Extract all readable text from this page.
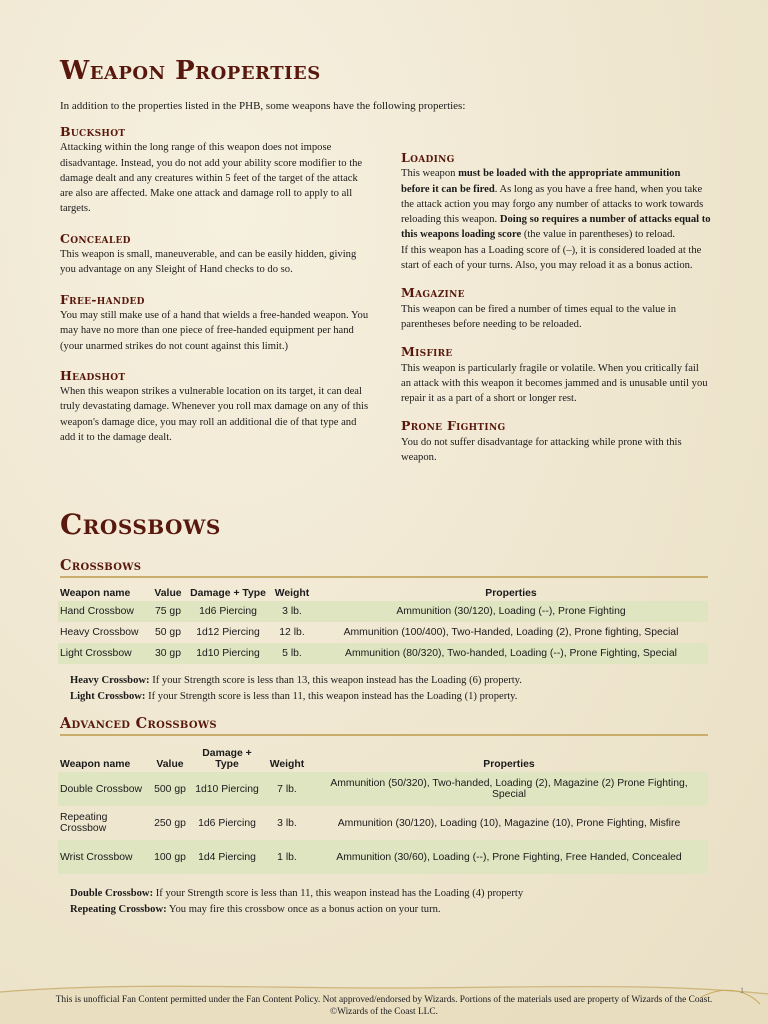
Weapon Properties
In addition to the properties listed in the PHB, some weapons have the following properties:
Buckshot

Attacking within the long range of this weapon does not impose disadvantage. Instead, you do not add your ability score modifier to the damage dealt and any creatures within 5 feet of the target of the attack are also are affected. Make one attack and damage roll to apply to all targets.

Concealed

This weapon is small, maneuverable, and can be easily hidden, giving you advantage on any Sleight of Hand checks to do so.

Free-handed

You may still make use of a hand that wields a free-handed weapon. You may have no more than one piece of free-handed equipment per hand (your unarmed strikes do not count against this limit.)

Headshot

When this weapon strikes a vulnerable location on its target, it can deal truly devastating damage. Whenever you roll max damage on any of this weapon's damage dice, you may roll an additional die of that type and add it to the damage dealt.

Loading

This weapon must be loaded with the appropriate ammunition before it can be fired. As long as you have a free hand, when you take the attack action you may forgo any number of attacks to work towards reloading this weapon. Doing so requires a number of attacks equal to this weapons loading score (the value in parentheses) to reload.

If this weapon has a Loading score of (–), it is considered loaded at the start of each of your turns. Also, you may reload it as a bonus action.

Magazine

This weapon can be fired a number of times equal to the value in parentheses before needing to be reloaded.

Misfire

This weapon is particularly fragile or volatile. When you critically fail an attack with this weapon it becomes jammed and is unusable until you repair it as a part of a short or longer rest.

Prone Fighting

You do not suffer disadvantage for attacking while prone with this weapon.

Crossbows
Crossbows
Weapon name	Value	Damage + Type	Weight	Properties
Hand Crossbow	75 gp	1d6 Piercing	3 lb.	Ammunition (30/120), Loading (--), Prone Fighting
Heavy Crossbow	50 gp	1d12 Piercing	12 lb.	Ammunition (100/400), Two-Handed, Loading (2), Prone fighting, Special
Light Crossbow	30 gp	1d10 Piercing	5 lb.	Ammunition (80/320), Two-handed, Loading (--), Prone Fighting, Special
Heavy Crossbow: If your Strength score is less than 13, this weapon instead has the Loading (6) property.
Light Crossbow: If your Strength score is less than 11, this weapon instead has the Loading (1) property.
Advanced Crossbows
Weapon name	Value	Damage + Type	Weight	Properties
Double Crossbow	500 gp	1d10 Piercing	7 lb.	Ammunition (50/320), Two-handed, Loading (2), Magazine (2) Prone Fighting, Special
Repeating Crossbow	250 gp	1d6 Piercing	3 lb.	Ammunition (30/120), Loading (10), Magazine (10), Prone Fighting, Misfire
Wrist Crossbow	100 gp	1d4 Piercing	1 lb.	Ammunition (30/60), Loading (--), Prone Fighting, Free Handed, Concealed
Double Crossbow: If your Strength score is less than 11, this weapon instead has the Loading (4) property
Repeating Crossbow: You may fire this crossbow once as a bonus action on your turn.
1
This is unofficial Fan Content permitted under the Fan Content Policy. Not approved/endorsed by Wizards. Portions of the materials used are property of Wizards of the Coast. ©Wizards of the Coast LLC.
